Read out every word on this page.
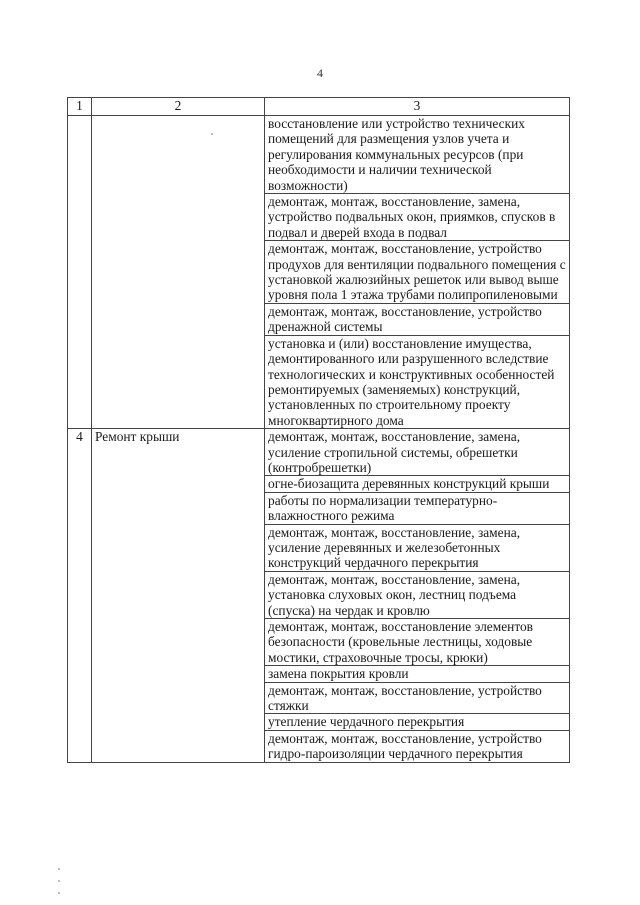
4
1	2	3
		восстановление или устройство технических помещений для размещения узлов учета и регулирования коммунальных ресурсов (при необходимости и наличии технической возможности)
		демонтаж, монтаж, восстановление, замена, устройство подвальных окон, приямков, спусков в подвал и дверей входа в подвал
		демонтаж, монтаж, восстановление, устройство продухов для вентиляции подвального помещения с установкой жалюзийных решеток или вывод выше уровня пола 1 этажа трубами полипропиленовыми
		демонтаж, монтаж, восстановление, устройство дренажной системы
		установка и (или) восстановление имущества, демонтированного или разрушенного вследствие технологических и конструктивных особенностей ремонтируемых (заменяемых) конструкций, установленных по строительному проекту многоквартирного дома
4	Ремонт крыши	демонтаж, монтаж, восстановление, замена, усиление стропильной системы, обрешетки (контробрешетки)
		огне-биозащита деревянных конструкций крыши
		работы по нормализации температурно-влажностного режима
		демонтаж, монтаж, восстановление, замена, усиление деревянных и железобетонных конструкций чердачного перекрытия
		демонтаж, монтаж, восстановление, замена, установка слуховых окон, лестниц подъема (спуска) на чердак и кровлю
		демонтаж, монтаж, восстановление элементов безопасности (кровельные лестницы, ходовые мостики, страховочные тросы, крюки)
		замена покрытия кровли
		демонтаж, монтаж, восстановление, устройство стяжки
		утепление чердачного перекрытия
		демонтаж, монтаж, восстановление, устройство гидро-пароизоляции чердачного перекрытия
